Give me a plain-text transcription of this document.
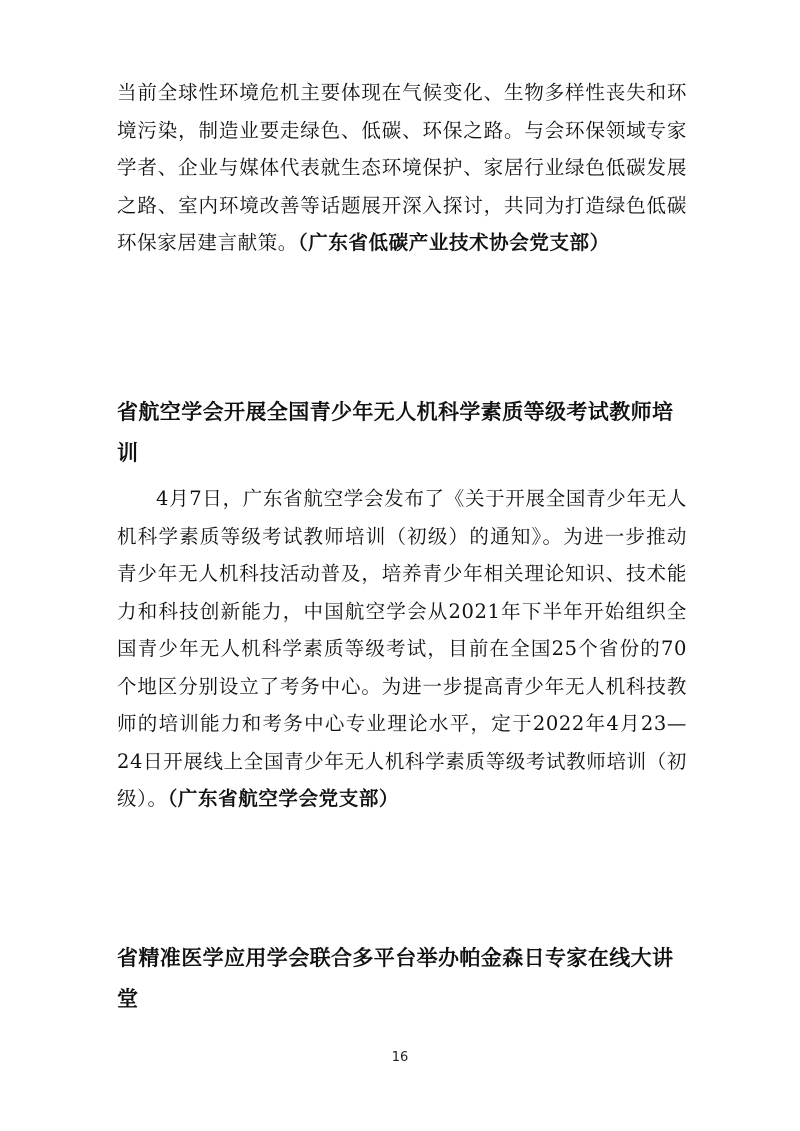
当前全球性环境危机主要体现在气候变化、生物多样性丧失和环境污染，制造业要走绿色、低碳、环保之路。与会环保领域专家学者、企业与媒体代表就生态环境保护、家居行业绿色低碳发展之路、室内环境改善等话题展开深入探讨，共同为打造绿色低碳环保家居建言献策。（广东省低碳产业技术协会党支部）

省航空学会开展全国青少年无人机科学素质等级考试教师培训

4月7日，广东省航空学会发布了《关于开展全国青少年无人机科学素质等级考试教师培训（初级）的通知》。为进一步推动青少年无人机科技活动普及，培养青少年相关理论知识、技术能力和科技创新能力，中国航空学会从2021年下半年开始组织全国青少年无人机科学素质等级考试，目前在全国25个省份的70个地区分别设立了考务中心。为进一步提高青少年无人机科技教师的培训能力和考务中心专业理论水平，定于2022年4月23—24日开展线上全国青少年无人机科学素质等级考试教师培训（初级）。（广东省航空学会党支部）

省精准医学应用学会联合多平台举办帕金森日专家在线大讲堂
16
